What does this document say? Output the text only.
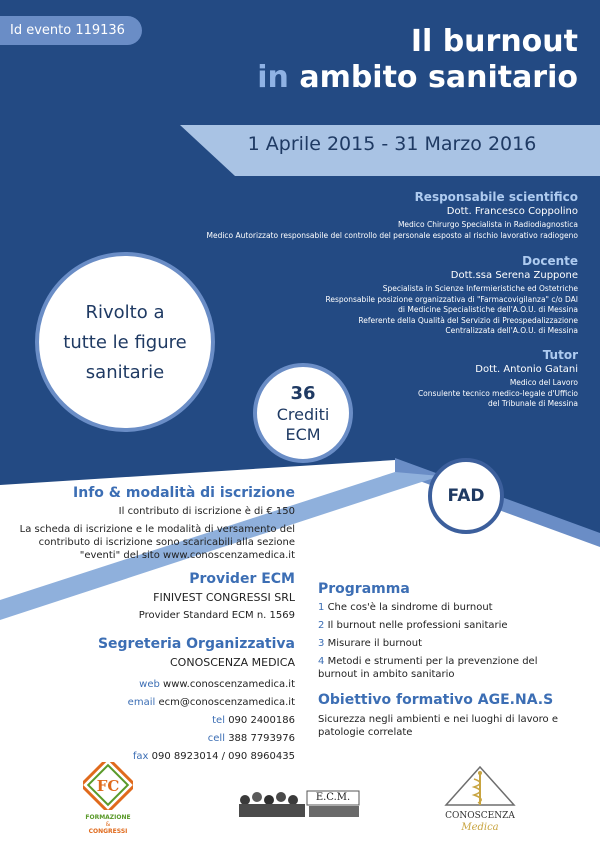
Id evento 119136	Il burnout
in ambito sanitario
1 Aprile 2015 - 31 Marzo 2016
Responsabile scientifico
Dott. Francesco Coppolino
Medico Chirurgo Specialista in Radiodiagnostica
Medico Autorizzato responsabile del controllo del personale esposto al rischio lavorativo radiogeno
Docente
Dott.ssa Serena Zuppone
Specialista in Scienze Infermieristiche ed Ostetriche
Responsabile posizione organizzativa di "Farmacovigilanza" c/o DAI
di Medicine Specialistiche dell'A.O.U. di Messina
Referente della Qualità del Servizio di Preospedalizzazione
Centralizzata dell'A.O.U. di Messina
Tutor
Dott. Antonio Gatani
Medico del Lavoro
Consulente tecnico medico-legale d'Ufficio
del Tribunale di Messina
Rivolto a
tutte le figure
sanitarie
36
Crediti
ECM
FAD
Info & modalità di iscrizione
Il contributo di iscrizione è di € 150
La scheda di iscrizione e le modalità di versamento del
contributo di iscrizione sono scaricabili alla sezione
"eventi" del sito www.conoscenzamedica.it
Provider ECM
FINIVEST CONGRESSI SRL
Provider Standard ECM n. 1569
Segreteria Organizzativa
CONOSCENZA MEDICA
web www.conoscenzamedica.it
email ecm@conoscenzamedica.it
tel 090 2400186
cell 388 7793976
fax 090 8923014 / 090 8960435
Programma
1 Che cos'è la sindrome di burnout
2 Il burnout nelle professioni sanitarie
3 Misurare il burnout
4 Metodi e strumenti per la prevenzione del
burnout in ambito sanitario
Obiettivo formativo AGE.NA.S
Sicurezza negli ambienti e nei luoghi di lavoro e
patologie correlate
FC
FORMAZIONE
&
CONGRESSI
E.C.M.
CONOSCENZA
Medica
